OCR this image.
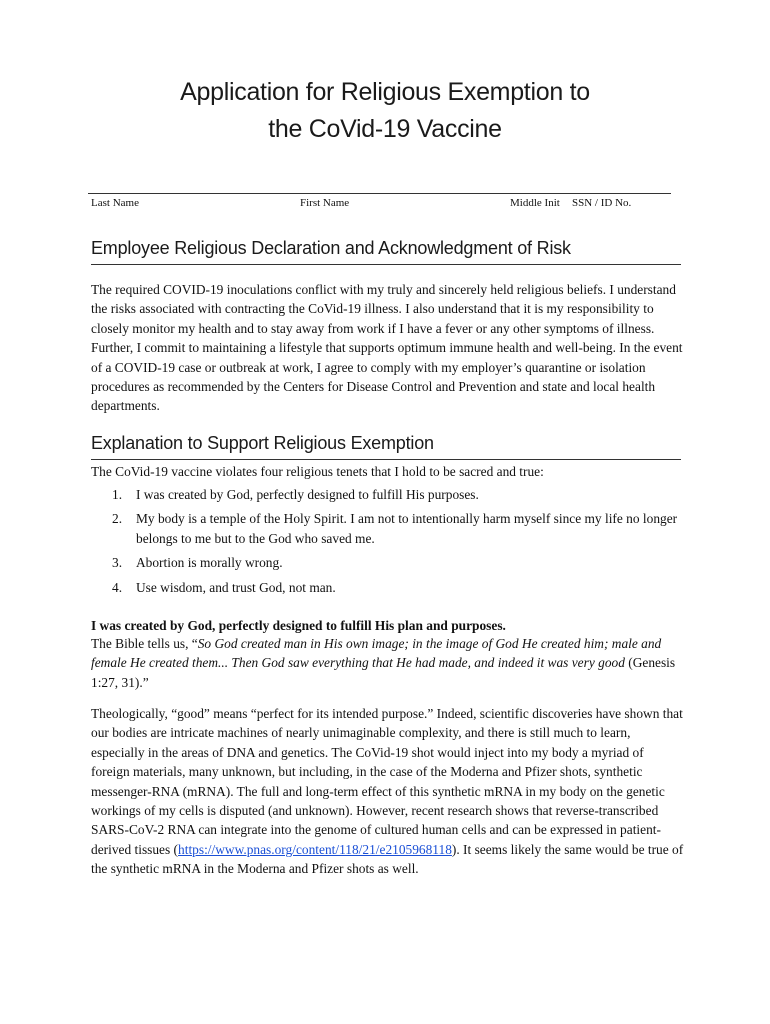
Application for Religious Exemption to
the CoVid-19 Vaccine
Last Name	First Name	Middle Init SSN / ID No.
Employee Religious Declaration and Acknowledgment of Risk
The required COVID-19 inoculations conflict with my truly and sincerely held religious beliefs. I understand the risks associated with contracting the CoVid-19 illness. I also understand that it is my responsibility to closely monitor my health and to stay away from work if I have a fever or any other symptoms of illness. Further, I commit to maintaining a lifestyle that supports optimum immune health and well-being. In the event of a COVID-19 case or outbreak at work, I agree to comply with my employer’s quarantine or isolation procedures as recommended by the Centers for Disease Control and Prevention and state and local health departments.
Explanation to Support Religious Exemption
The CoVid-19 vaccine violates four religious tenets that I hold to be sacred and true:
1. I was created by God, perfectly designed to fulfill His purposes.
2. My body is a temple of the Holy Spirit. I am not to intentionally harm myself since my life no longer belongs to me but to the God who saved me.
3. Abortion is morally wrong.
4. Use wisdom, and trust God, not man.
I was created by God, perfectly designed to fulfill His plan and purposes.
The Bible tells us, “So God created man in His own image; in the image of God He created him; male and female He created them... Then God saw everything that He had made, and indeed it was very good (Genesis 1:27, 31).”
Theologically, “good” means “perfect for its intended purpose.” Indeed, scientific discoveries have shown that our bodies are intricate machines of nearly unimaginable complexity, and there is still much to learn, especially in the areas of DNA and genetics. The CoVid-19 shot would inject into my body a myriad of foreign materials, many unknown, but including, in the case of the Moderna and Pfizer shots, synthetic messenger-RNA (mRNA). The full and long-term effect of this synthetic mRNA in my body on the genetic workings of my cells is disputed (and unknown). However, recent research shows that reverse-transcribed SARS-CoV-2 RNA can integrate into the genome of cultured human cells and can be expressed in patient-derived tissues (https://www.pnas.org/content/118/21/e2105968118). It seems likely the same would be true of the synthetic mRNA in the Moderna and Pfizer shots as well.
